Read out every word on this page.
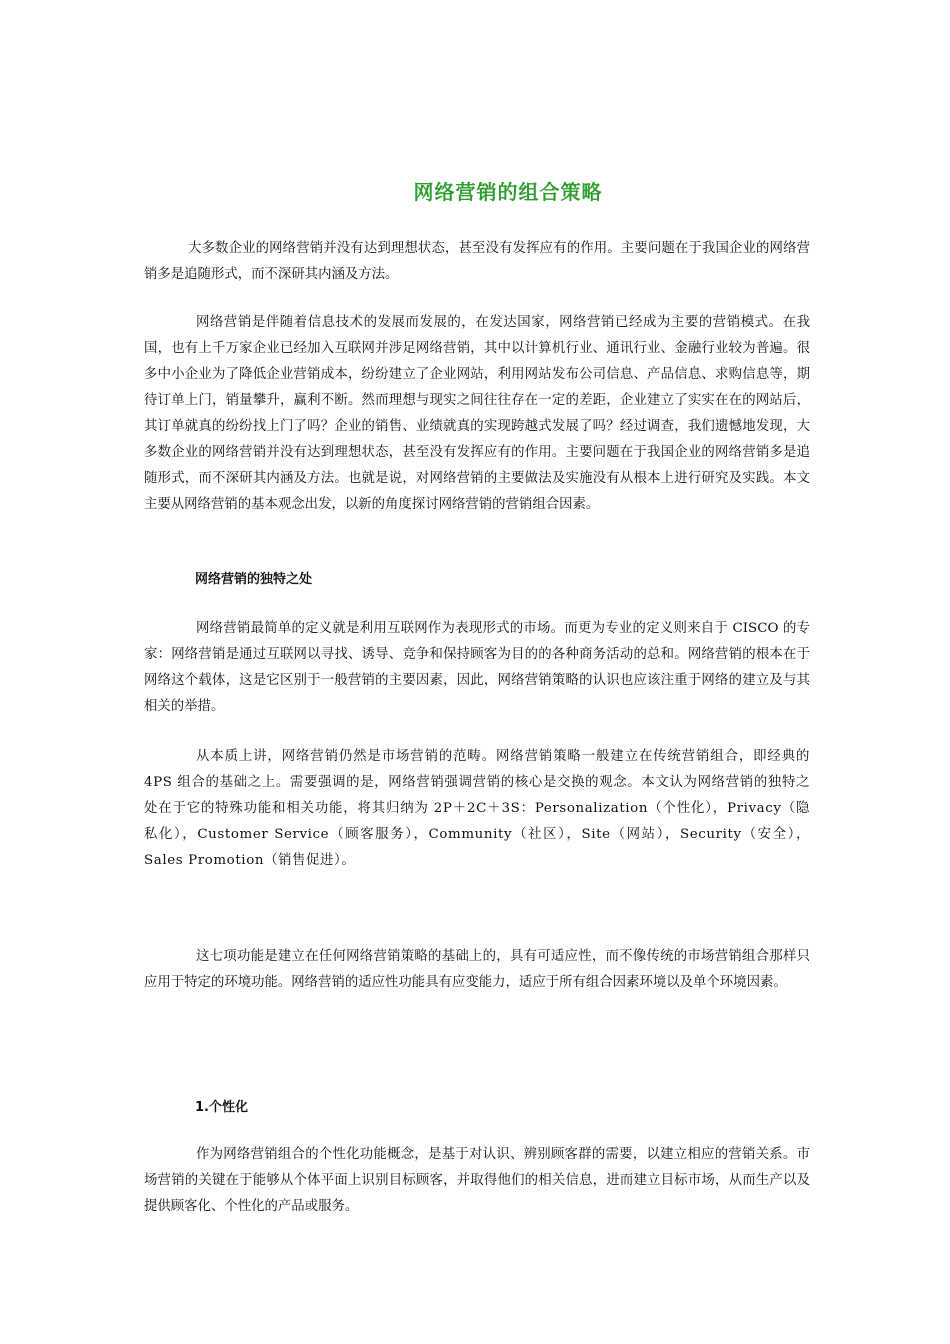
网络营销的组合策略

大多数企业的网络营销并没有达到理想状态，甚至没有发挥应有的作用。主要问题在于我国企业的网络营销多是追随形式，而不深研其内涵及方法。

网络营销是伴随着信息技术的发展而发展的，在发达国家，网络营销已经成为主要的营销模式。在我国，也有上千万家企业已经加入互联网并涉足网络营销，其中以计算机行业、通讯行业、金融行业较为普遍。很多中小企业为了降低企业营销成本，纷纷建立了企业网站，利用网站发布公司信息、产品信息、求购信息等，期待订单上门，销量攀升，赢利不断。然而理想与现实之间往往存在一定的差距，企业建立了实实在在的网站后，其订单就真的纷纷找上门了吗？企业的销售、业绩就真的实现跨越式发展了吗？经过调查，我们遗憾地发现，大多数企业的网络营销并没有达到理想状态，甚至没有发挥应有的作用。主要问题在于我国企业的网络营销多是追随形式，而不深研其内涵及方法。也就是说，对网络营销的主要做法及实施没有从根本上进行研究及实践。本文主要从网络营销的基本观念出发，以新的角度探讨网络营销的营销组合因素。

网络营销的独特之处

网络营销最简单的定义就是利用互联网作为表现形式的市场。而更为专业的定义则来自于 CISCO 的专家：网络营销是通过互联网以寻找、诱导、竞争和保持顾客为目的的各种商务活动的总和。网络营销的根本在于网络这个载体，这是它区别于一般营销的主要因素，因此，网络营销策略的认识也应该注重于网络的建立及与其相关的举措。

从本质上讲，网络营销仍然是市场营销的范畴。网络营销策略一般建立在传统营销组合，即经典的 4PS 组合的基础之上。需要强调的是，网络营销强调营销的核心是交换的观念。本文认为网络营销的独特之处在于它的特殊功能和相关功能，将其归纳为 2P＋2C＋3S：Personalization（个性化），Privacy（隐私化），Customer Service（顾客服务），Community（社区），Site（网站），Security（安全），Sales Promotion（销售促进）。

这七项功能是建立在任何网络营销策略的基础上的，具有可适应性，而不像传统的市场营销组合那样只应用于特定的环境功能。网络营销的适应性功能具有应变能力，适应于所有组合因素环境以及单个环境因素。

1.个性化

作为网络营销组合的个性化功能概念，是基于对认识、辨别顾客群的需要，以建立相应的营销关系。市场营销的关键在于能够从个体平面上识别目标顾客，并取得他们的相关信息，进而建立目标市场，从而生产以及提供顾客化、个性化的产品或服务。
